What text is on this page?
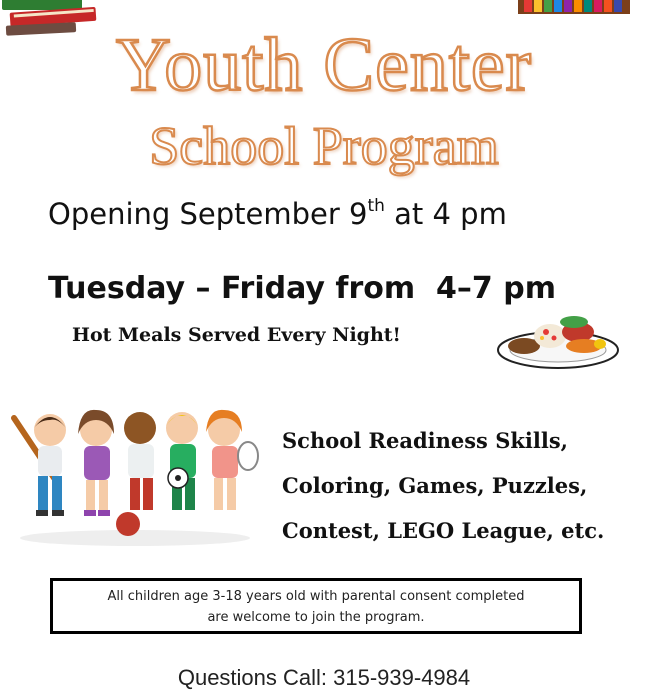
Youth Center
School Program
Opening September 9th at 4 pm
Tuesday – Friday from  4–7 pm
Hot Meals Served Every Night!
School Readiness Skills,
Coloring, Games, Puzzles,
Contest, LEGO League, etc.
All children age 3-18 years old with parental consent completed
are welcome to join the program.
Questions Call: 315-939-4984
